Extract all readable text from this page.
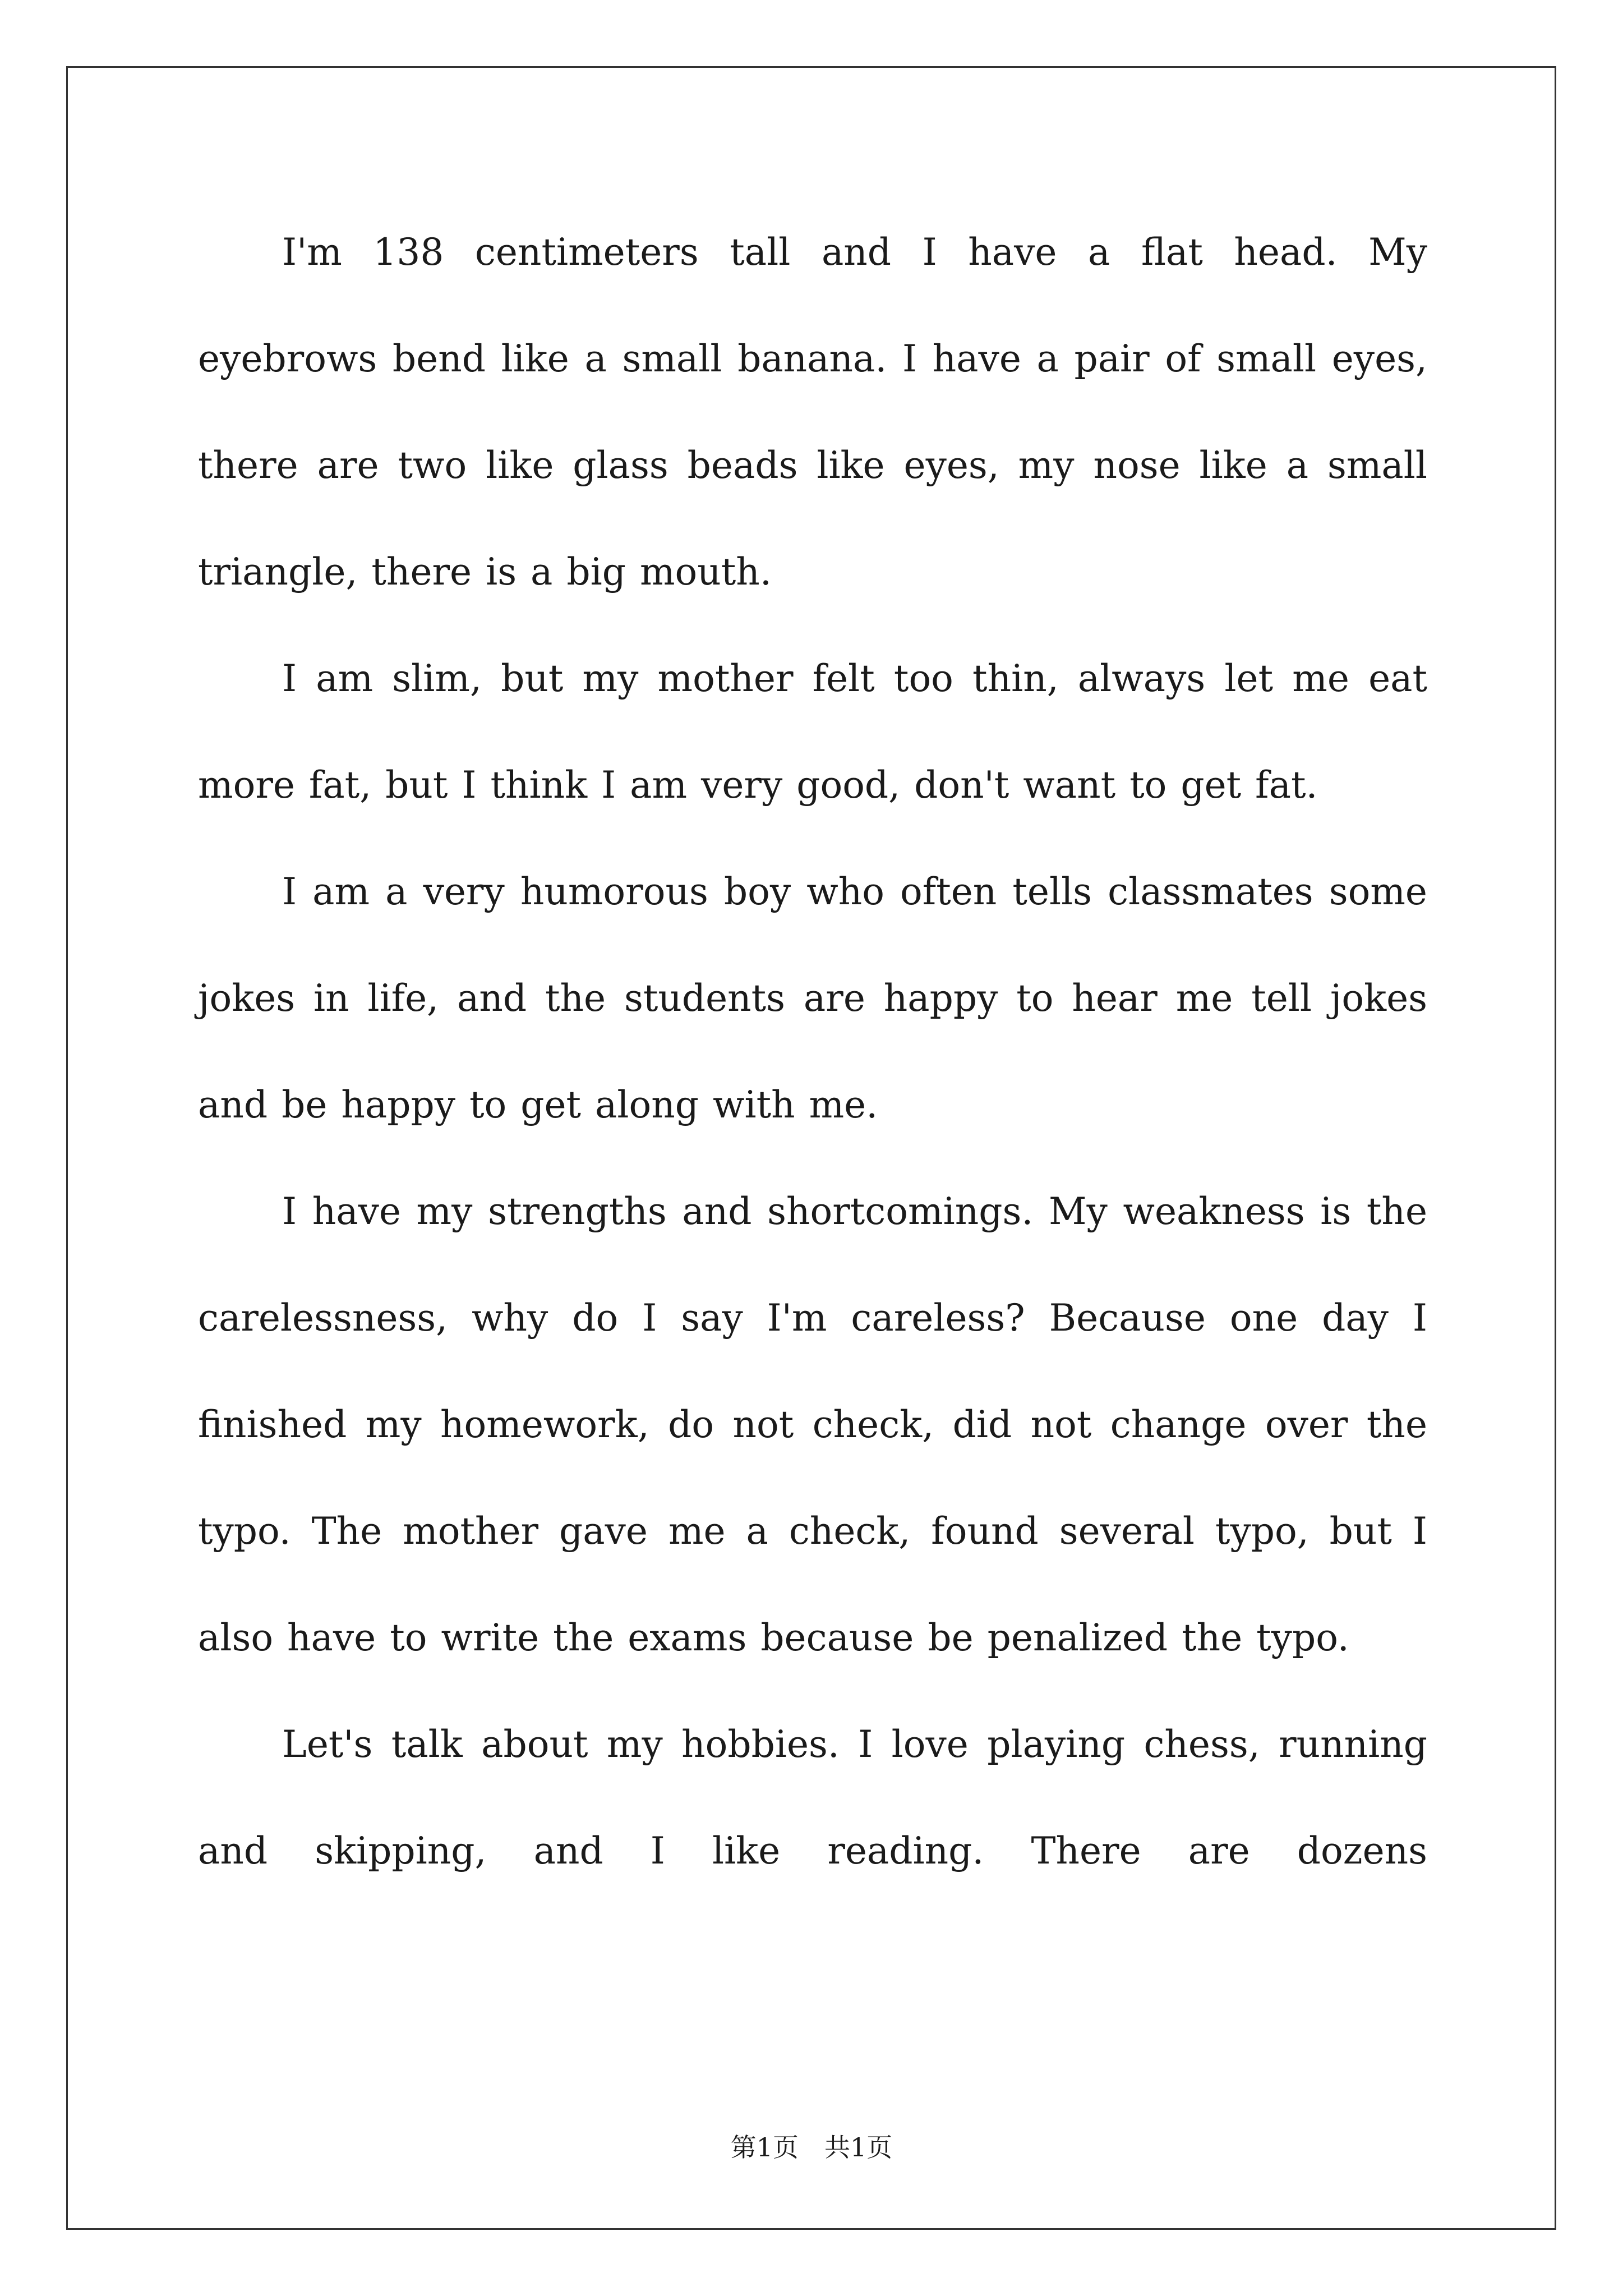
I'm 138 centimeters tall and I have a flat head. My eyebrows bend like a small banana. I have a pair of small eyes, there are two like glass beads like eyes, my nose like a small triangle, there is a big mouth.

I am slim, but my mother felt too thin, always let me eat more fat, but I think I am very good, don't want to get fat.

I am a very humorous boy who often tells classmates some jokes in life, and the students are happy to hear me tell jokes and be happy to get along with me.

I have my strengths and shortcomings. My weakness is the carelessness, why do I say I'm careless? Because one day I finished my homework, do not check, did not change over the typo. The mother gave me a check, found several typo, but I also have to write the exams because be penalized the typo.

Let's talk about my hobbies. I love playing chess, running and skipping, and I like reading. There are dozens

第1页　共1页
